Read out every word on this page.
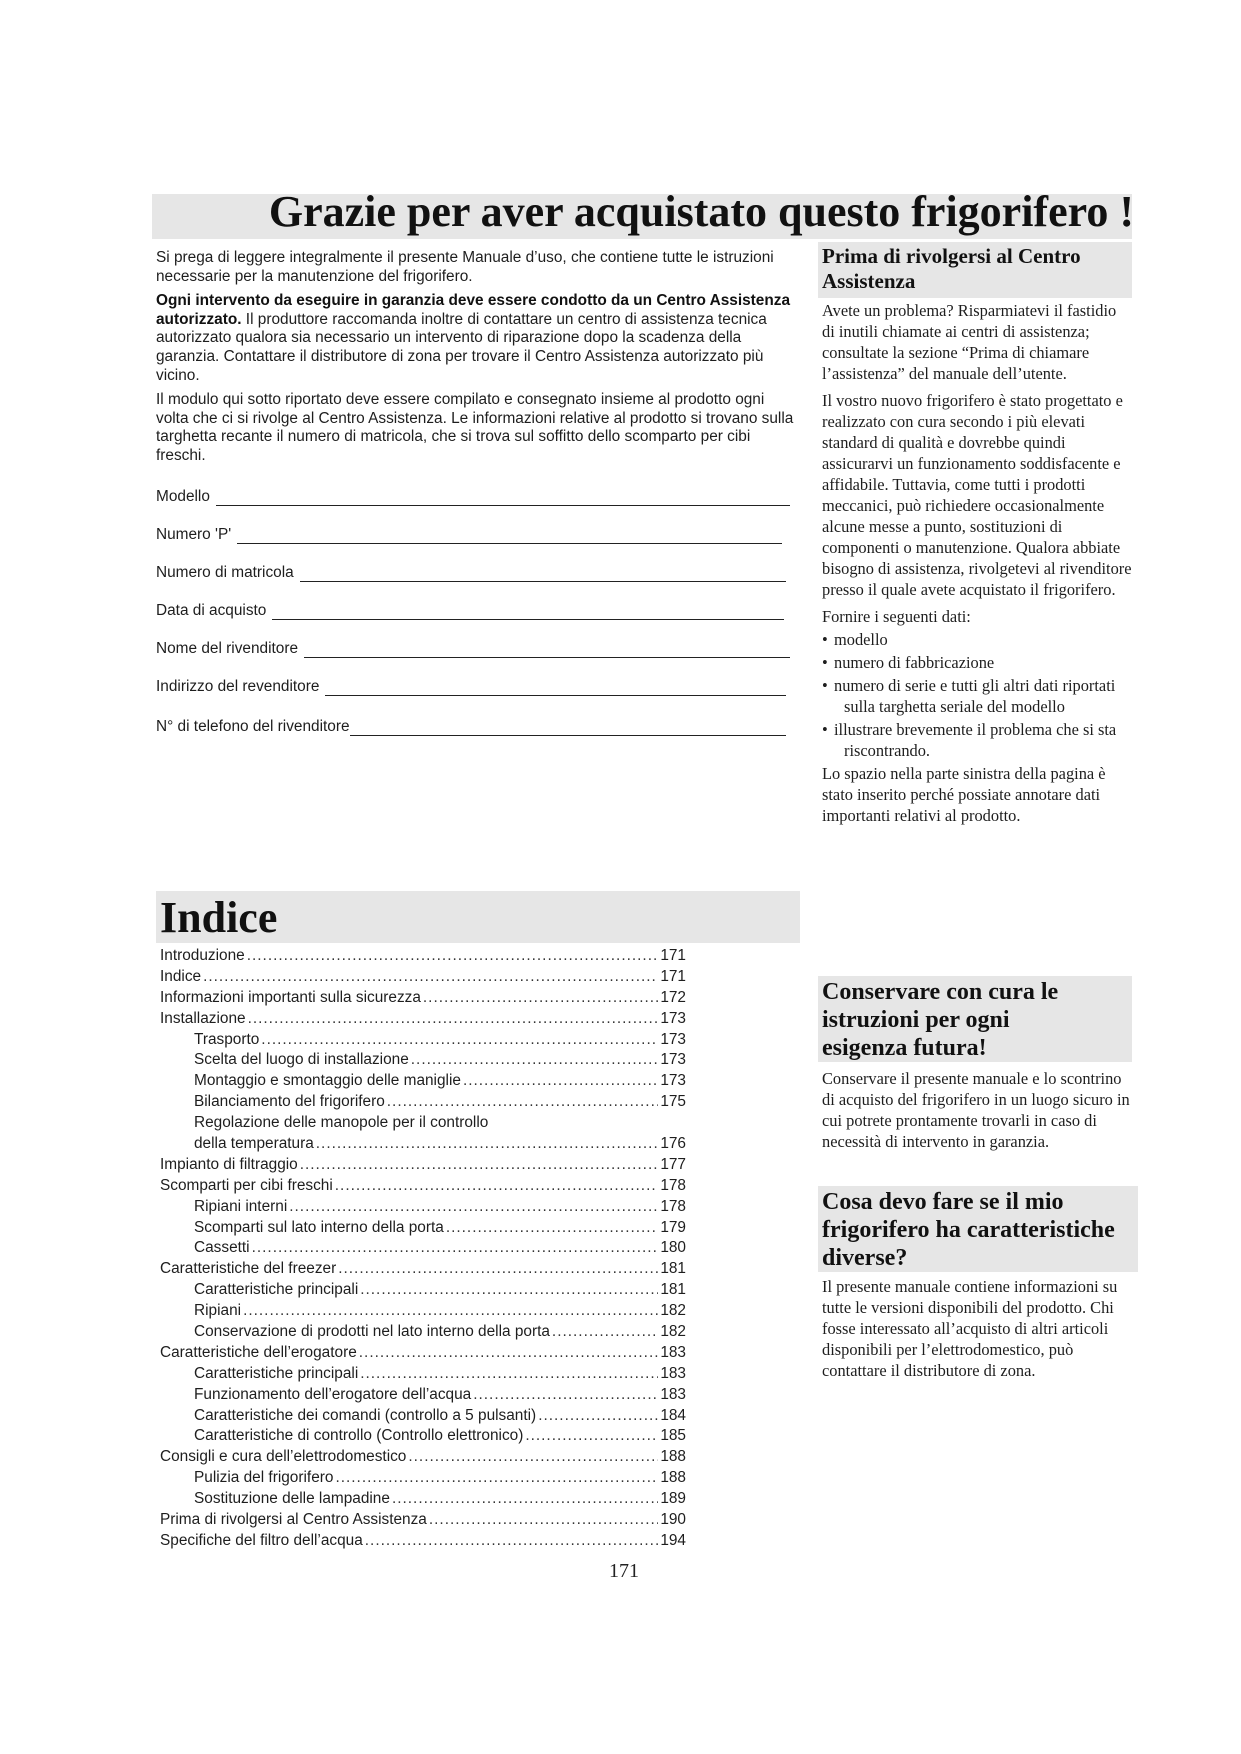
Grazie per aver acquistato questo frigorifero !

Si prega di leggere integralmente il presente Manuale d’uso, che contiene tutte le istruzioni necessarie per la manutenzione del frigorifero.

Ogni intervento da eseguire in garanzia deve essere condotto da un Centro Assistenza autorizzato. Il produttore raccomanda inoltre di contattare un centro di assistenza tecnica autorizzato qualora sia necessario un intervento di riparazione dopo la scadenza della garanzia. Contattare il distributore di zona per trovare il Centro Assistenza autorizzato più vicino.

Il modulo qui sotto riportato deve essere compilato e consegnato insieme al prodotto ogni volta che ci si rivolge al Centro Assistenza. Le informazioni relative al prodotto si trovano sulla targhetta recante il numero di matricola, che si trova sul soffitto dello scomparto per cibi freschi.

Modello
Numero 'P'
Numero di matricola
Data di acquisto
Nome del rivenditore
Indirizzo del revenditore
N° di telefono del rivenditore
Indice
Introduzione .....	171
Indice .....	171
Informazioni importanti sulla sicurezza .....	172
Installazione .....	173
Trasporto .....	173
Scelta del luogo di installazione .....	173
Montaggio e smontaggio delle maniglie .....	173
Bilanciamento del frigorifero .....	175
Regolazione delle manopole per il controllo
della temperatura .....	176
Impianto di filtraggio .....	177
Scomparti per cibi freschi .....	178
Ripiani interni .....	178
Scomparti sul lato interno della porta .....	179
Cassetti .....	180
Caratteristiche del freezer .....	181
Caratteristiche principali .....	181
Ripiani .....	182
Conservazione di prodotti nel lato interno della porta .....	182
Caratteristiche dell’erogatore .....	183
Caratteristiche principali .....	183
Funzionamento dell’erogatore dell’acqua .....	183
Caratteristiche dei comandi (controllo a 5 pulsanti) .....	184
Caratteristiche di controllo (Controllo elettronico) .....	185
Consigli e cura dell’elettrodomestico .....	188
Pulizia del frigorifero .....	188
Sostituzione delle lampadine .....	189
Prima di rivolgersi al Centro Assistenza .....	190
Specifiche del filtro dell’acqua .....	194
171
Prima di rivolgersi al Centro Assistenza

Avete un problema? Risparmiatevi il fastidio di inutili chiamate ai centri di assistenza; consultate la sezione “Prima di chiamare l’assistenza” del manuale dell’utente.

Il vostro nuovo frigorifero è stato progettato e realizzato con cura secondo i più elevati standard di qualità e dovrebbe quindi assicurarvi un funzionamento soddisfacente e affidabile. Tuttavia, come tutti i prodotti meccanici, può richiedere occasionalmente alcune messe a punto, sostituzioni di componenti o manutenzione. Qualora abbiate bisogno di assistenza, rivolgetevi al rivenditore presso il quale avete acquistato il frigorifero.

Fornire i seguenti dati:

• modello
• numero di fabbricazione
• numero di serie e tutti gli altri dati riportati sulla targhetta seriale del modello
• illustrare brevemente il problema che si sta riscontrando.

Lo spazio nella parte sinistra della pagina è stato inserito perché possiate annotare dati importanti relativi al prodotto.

Conservare con cura le istruzioni per ogni esigenza futura!

Conservare il presente manuale e lo scontrino di acquisto del frigorifero in un luogo sicuro in cui potrete prontamente trovarli in caso di necessità di intervento in garanzia.

Cosa devo fare se il mio frigorifero ha caratteristiche diverse?

Il presente manuale contiene informazioni su tutte le versioni disponibili del prodotto. Chi fosse interessato all’acquisto di altri articoli disponibili per l’elettrodomestico, può contattare il distributore di zona.
